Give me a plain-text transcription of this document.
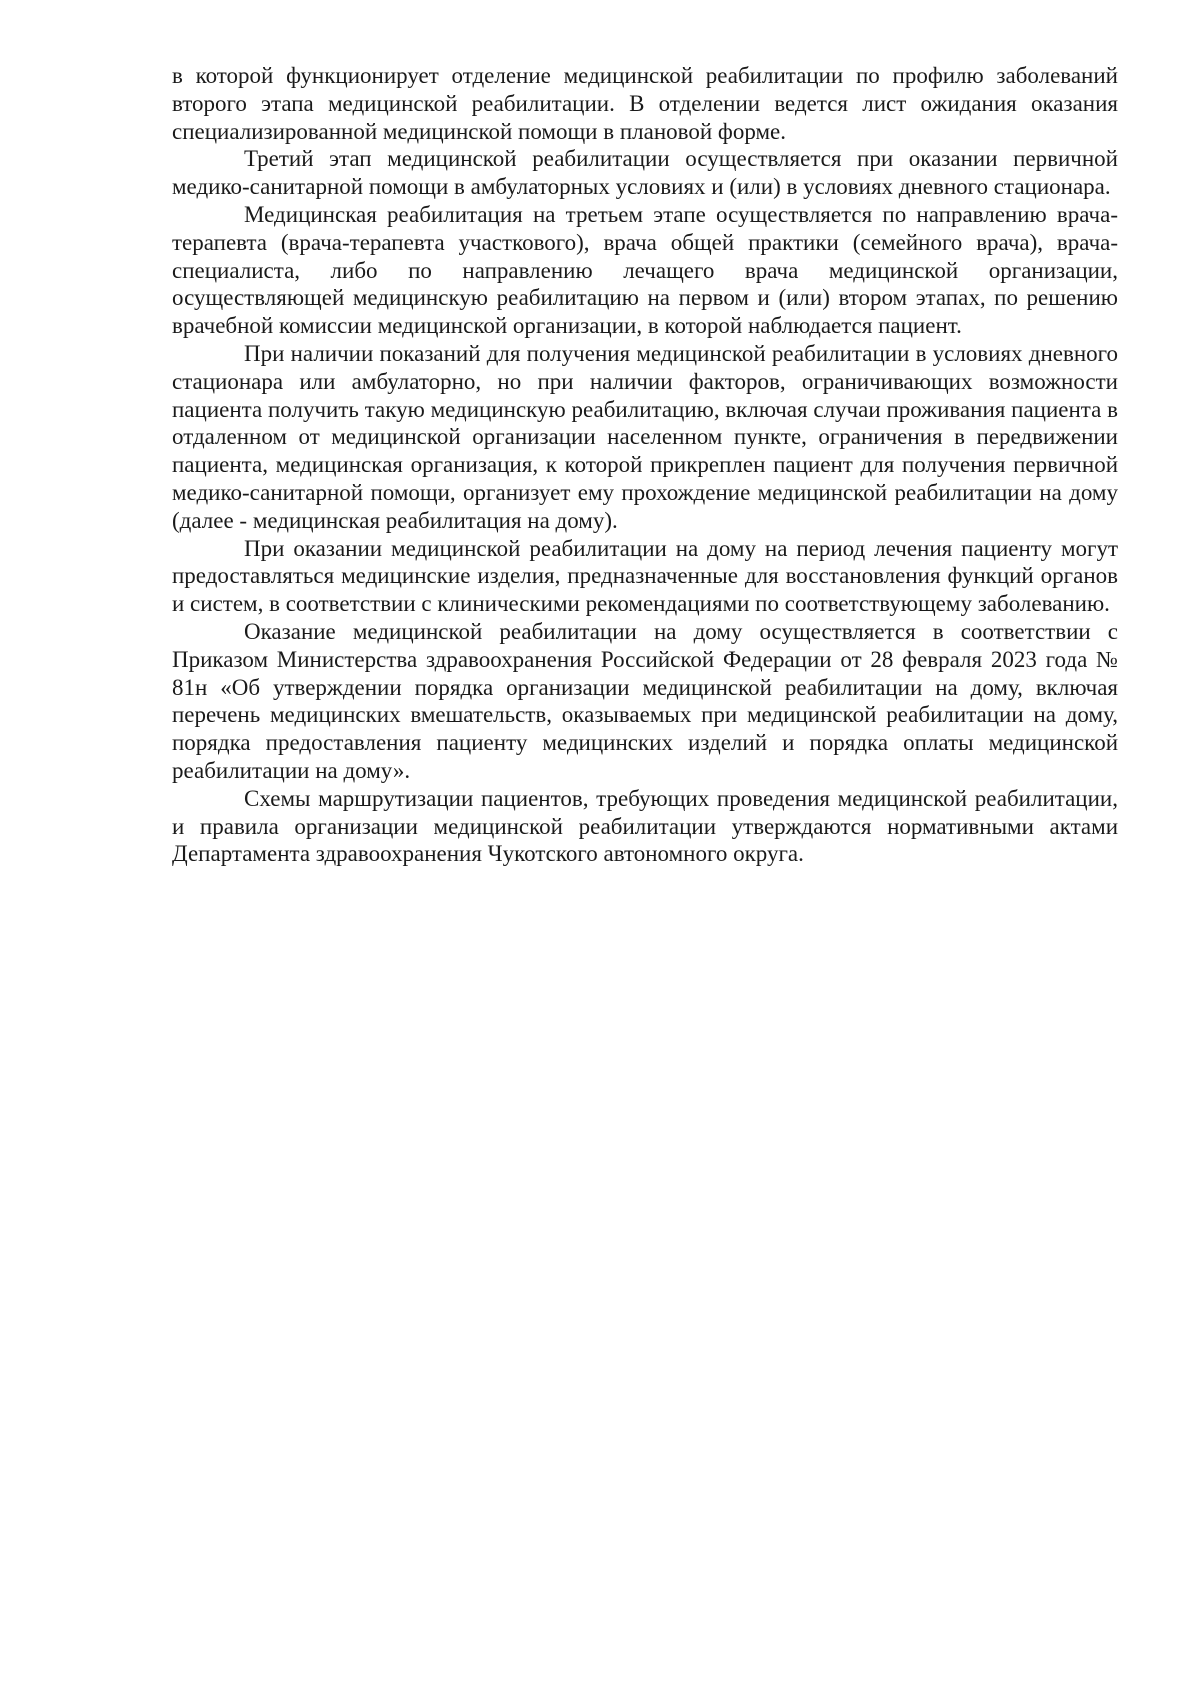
в которой функционирует отделение медицинской реабилитации по профилю заболеваний второго этапа медицинской реабилитации. В отделении ведется лист ожидания оказания специализированной медицинской помощи в плановой форме.

Третий этап медицинской реабилитации осуществляется при оказании первичной медико-санитарной помощи в амбулаторных условиях и (или) в условиях дневного стационара.

Медицинская реабилитация на третьем этапе осуществляется по направлению врача-терапевта (врача-терапевта участкового), врача общей практики (семейного врача), врача-специалиста, либо по направлению лечащего врача медицинской организации, осуществляющей медицинскую реабилитацию на первом и (или) втором этапах, по решению врачебной комиссии медицинской организации, в которой наблюдается пациент.

При наличии показаний для получения медицинской реабилитации в условиях дневного стационара или амбулаторно, но при наличии факторов, ограничивающих возможности пациента получить такую медицинскую реабилитацию, включая случаи проживания пациента в отдаленном от медицинской организации населенном пункте, ограничения в передвижении пациента, медицинская организация, к которой прикреплен пациент для получения первичной медико-санитарной помощи, организует ему прохождение медицинской реабилитации на дому (далее - медицинская реабилитация на дому).

При оказании медицинской реабилитации на дому на период лечения пациенту могут предоставляться медицинские изделия, предназначенные для восстановления функций органов и систем, в соответствии с клиническими рекомендациями по соответствующему заболеванию.

Оказание медицинской реабилитации на дому осуществляется в соответствии с Приказом Министерства здравоохранения Российской Федерации от 28 февраля 2023 года № 81н «Об утверждении порядка организации медицинской реабилитации на дому, включая перечень медицинских вмешательств, оказываемых при медицинской реабилитации на дому, порядка предоставления пациенту медицинских изделий и порядка оплаты медицинской реабилитации на дому».

Схемы маршрутизации пациентов, требующих проведения медицинской реабилитации, и правила организации медицинской реабилитации утверждаются нормативными актами Департамента здравоохранения Чукотского автономного округа.
